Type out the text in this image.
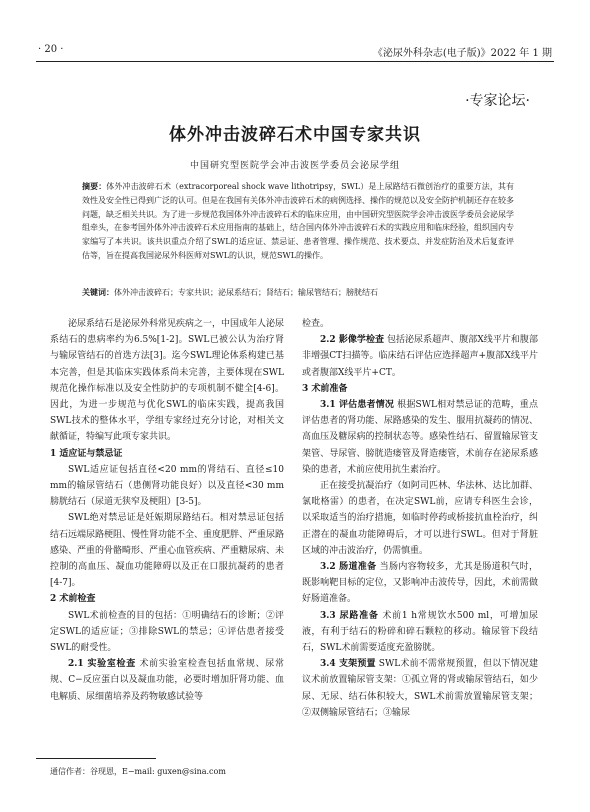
· 20 ·	《泌尿外科杂志(电子版)》2022 年 1 期
·专家论坛·
体外冲击波碎石术中国专家共识
中国研究型医院学会冲击波医学委员会泌尿学组
摘要：体外冲击波碎石术（extracorporeal shock wave lithotripsy，SWL）是上尿路结石微创治疗的重要方法，其有效性及安全性已得到广泛的认可。但是在我国有关体外冲击波碎石术的病例选择、操作的规范以及安全防护机制还存在较多问题，缺乏相关共识。为了进一步规范我国体外冲击波碎石术的临床应用，由中国研究型医院学会冲击波医学委员会泌尿学组牵头，在参考国外体外冲击波碎石术应用指南的基础上，结合国内体外冲击波碎石术的实践应用和临床经验，组织国内专家编写了本共识。该共识重点介绍了SWL的适应证、禁忌证、患者管理、操作规范、技术要点、并发症防治及术后复查评估等，旨在提高我国泌尿外科医师对SWL的认识，规范SWL的操作。
关键词：体外冲击波碎石；专家共识；泌尿系结石；肾结石；输尿管结石；膀胱结石

泌尿系结石是泌尿外科常见疾病之一，中国成年人泌尿系结石的患病率约为6.5%[1-2]。SWL已被公认为治疗肾与输尿管结石的首选方法[3]。迄今SWL理论体系构建已基本完善，但是其临床实践体系尚未完善，主要体现在SWL规范化操作标准以及安全性防护的专项机制不健全[4-6]。因此，为进一步规范与优化SWL的临床实践，提高我国SWL技术的整体水平，学组专家经过充分讨论，对相关文献循证，特编写此项专家共识。

1 适应证与禁忌证

SWL适应证包括直径<20 mm的肾结石、直径≤10 mm的输尿管结石（患侧肾功能良好）以及直径<30 mm膀胱结石（尿道无狭窄及梗阻）[3-5]。

SWL绝对禁忌证是妊娠期尿路结石。相对禁忌证包括结石远端尿路梗阻、慢性肾功能不全、重度肥胖、严重尿路感染、严重的骨骼畸形、严重心血管疾病、严重糖尿病、未控制的高血压、凝血功能障碍以及正在口服抗凝药的患者[4-7]。

2 术前检查

SWL术前检查的目的包括：①明确结石的诊断；②评定SWL的适应证；③排除SWL的禁忌；④评估患者接受SWL的耐受性。

2.1 实验室检查 术前实验室检查包括血常规、尿常规、C−反应蛋白以及凝血功能，必要时增加肝肾功能、血电解质、尿细菌培养及药物敏感试验等

检查。

2.2 影像学检查 包括泌尿系超声、腹部X线平片和腹部非增强CT扫描等。临床结石评估应选择超声+腹部X线平片或者腹部X线平片+CT。

3 术前准备

3.1 评估患者情况 根据SWL相对禁忌证的范畴，重点评估患者的肾功能、尿路感染的发生、服用抗凝药的情况、高血压及糖尿病的控制状态等。感染性结石、留置输尿管支架管、导尿管、膀胱造瘘管及肾造瘘管，术前存在泌尿系感染的患者，术前应使用抗生素治疗。

正在接受抗凝治疗（如阿司匹林、华法林、达比加群、氯吡格雷）的患者，在决定SWL前，应请专科医生会诊，以采取适当的治疗措施，如临时停药或桥接抗血栓治疗，纠正潜在的凝血功能障碍后，才可以进行SWL。但对于肾脏区域的冲击波治疗，仍需慎重。

3.2 肠道准备 当肠内容物较多，尤其是肠道积气时，既影响靶目标的定位，又影响冲击波传导，因此，术前需做好肠道准备。

3.3 尿路准备 术前1 h常规饮水500 ml，可增加尿液，有利于结石的粉碎和碎石颗粒的移动。输尿管下段结石，SWL术前需要适度充盈膀胱。

3.4 支架预置 SWL术前不需常规预置，但以下情况建议术前放置输尿管支架：①孤立肾的肾或输尿管结石，如少尿、无尿、结石体积较大，SWL术前需放置输尿管支架；②双侧输尿管结石；③输尿

通信作者：谷现恩，E−mail: guxen@sina.com
